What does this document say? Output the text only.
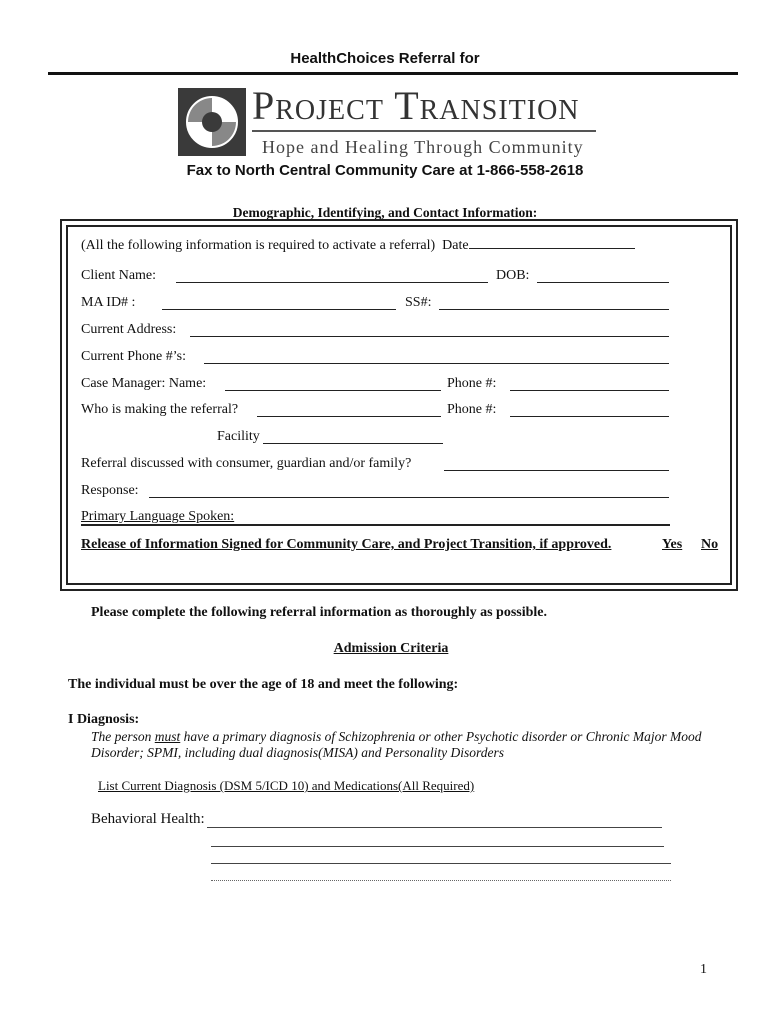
HealthChoices Referral for
Project Transition
Hope and Healing Through Community
Fax to North Central Community Care at 1-866-558-2618
Demographic, Identifying, and Contact Information:
(All the following information is required to activate a referral) Date
Client Name:	DOB:
MA ID# :	SS#:
Current Address:
Current Phone #’s:
Case Manager: Name:	Phone #:
Who is making the referral?	Phone #:
Facility
Referral discussed with consumer, guardian and/or family?
Response:
Primary Language Spoken:
Release of Information Signed for Community Care, and Project Transition, if approved.	Yes No
Please complete the following referral information as thoroughly as possible.
Admission Criteria
The individual must be over the age of 18 and meet the following:
I Diagnosis:
The person must have a primary diagnosis of Schizophrenia or other Psychotic disorder or Chronic Major Mood
Disorder; SPMI, including dual diagnosis(MISA) and Personality Disorders
List Current Diagnosis (DSM 5/ICD 10) and Medications(All Required)
Behavioral Health:
1
